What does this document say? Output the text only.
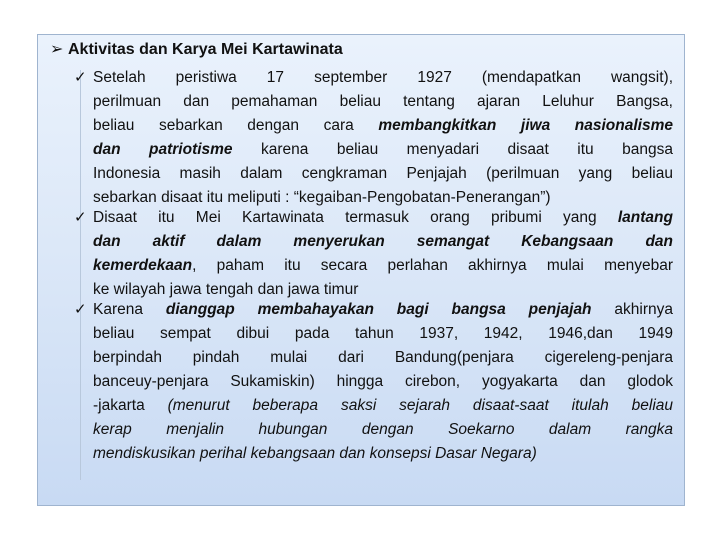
➢ Aktivitas dan Karya Mei Kartawinata
✓ Setelah peristiwa 17 september 1927 (mendapatkan wangsit),
perilmuan dan pemahaman beliau tentang ajaran Leluhur Bangsa,
beliau sebarkan dengan cara membangkitkan jiwa nasionalisme
dan patriotisme karena beliau menyadari disaat itu bangsa
Indonesia masih dalam cengkraman Penjajah (perilmuan yang beliau
sebarkan disaat itu meliputi : “kegaiban-Pengobatan-Penerangan”)
✓ Disaat itu Mei Kartawinata termasuk orang pribumi yang lantang
dan aktif dalam menyerukan semangat Kebangsaan dan
kemerdekaan, paham itu secara perlahan akhirnya mulai menyebar
ke wilayah jawa tengah dan jawa timur
✓ Karena dianggap membahayakan bagi bangsa penjajah akhirnya
beliau sempat dibui pada tahun 1937, 1942, 1946,dan 1949
berpindah pindah mulai dari Bandung(penjara cigereleng-penjara
banceuy-penjara Sukamiskin) hingga cirebon, yogyakarta dan glodok
-jakarta (menurut beberapa saksi sejarah disaat-saat itulah beliau
kerap menjalin hubungan dengan Soekarno dalam rangka
mendiskusikan perihal kebangsaan dan konsepsi Dasar Negara)
